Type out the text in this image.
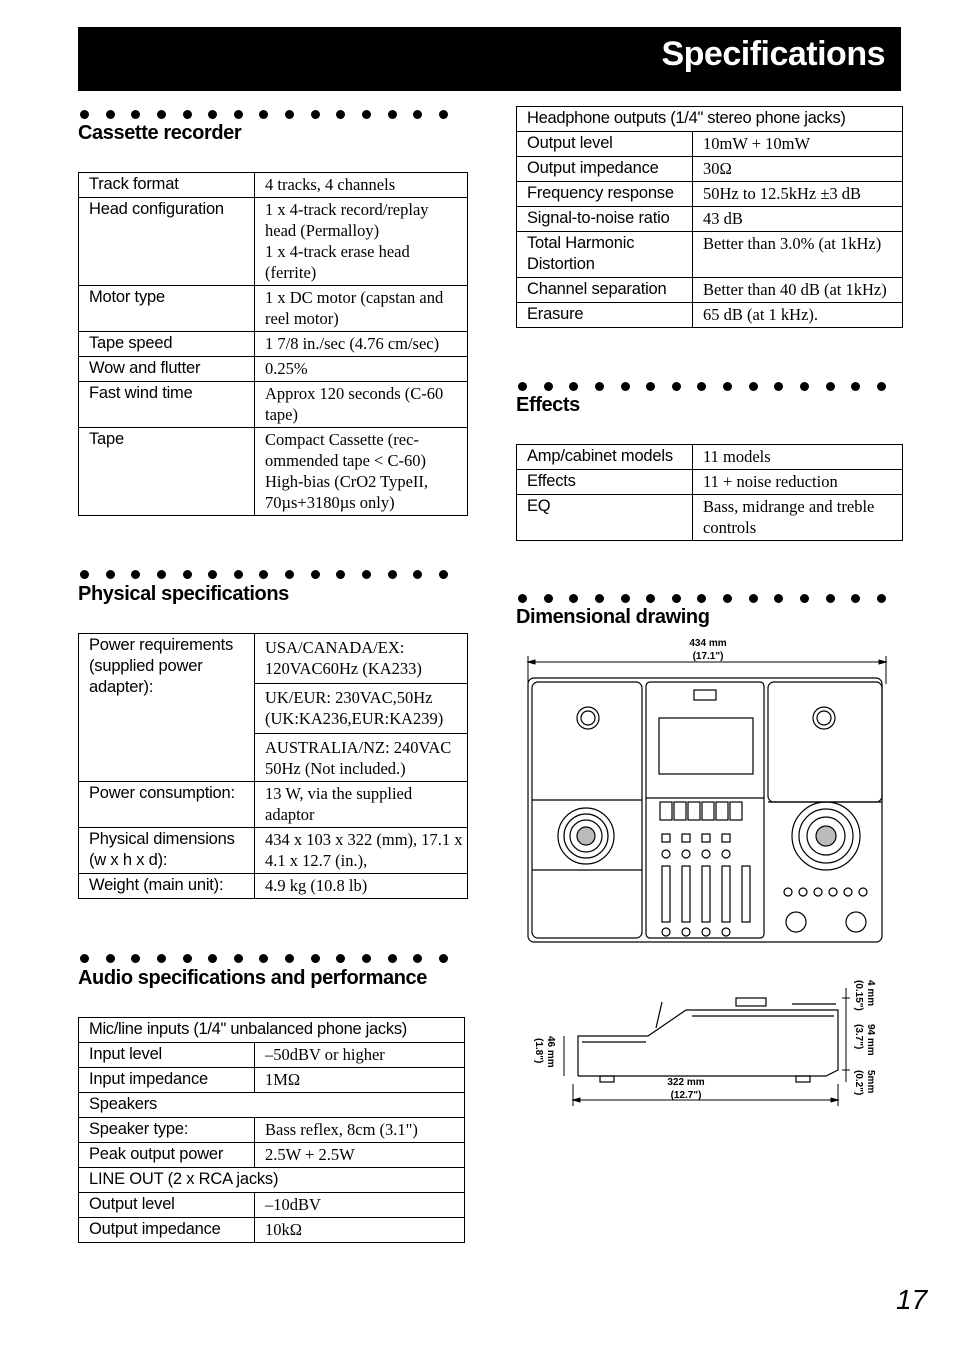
Specifications
Cassette recorder
Track format	4 tracks, 4 channels
Head configuration	1 x 4-track record/replay head (Permalloy)
1 x 4-track erase head (ferrite)
Motor type	1 x DC motor (capstan and reel motor)
Tape speed	1 7/8 in./sec (4.76 cm/​sec)
Wow and flutter	0.25%
Fast wind time	Approx 120 seconds (C-60 tape)
Tape	Compact Cassette (rec-ommended tape < C-60)
High-bias (CrO2 TypeII, 70µs+3180µs only)
Physical specifications
Power requirements (supplied power adapter):	USA/CANADA/EX: 120VAC60Hz (KA233)
	UK/EUR: 230VAC,50Hz (UK:KA236,EUR:KA239)
	AUSTRALIA/NZ: 240VAC 50Hz (Not included.)
Power consumption:	13 W, via the supplied adaptor
Physical dimensions (w x h x d):	434 x 103 x 322 (mm), 17.1 x 4.1 x 12.7 (in.),
Weight (main unit):	4.9 kg (10.8 lb)
Audio specifications and performance
Mic/line inputs (1/4" unbalanced phone jacks)	
Input level	–50dBV or higher
Input impedance	1MΩ
Speakers	
Speaker type:	Bass reflex, 8cm (3.1")
Peak output power	2.5W + 2.5W
LINE OUT (2 x RCA jacks)	
Output level	–10dBV
Output impedance	10kΩ
Headphone outputs (1/4" stereo phone jacks)	
Output level	10mW + 10mW
Output impedance	30Ω
Frequency response	50Hz to 12.5kHz ±3 dB
Signal-to-noise ratio	43 dB
Total Harmonic Distortion	Better than 3.0% (at 1kHz)
Channel separation	Better than 40 dB (at 1kHz)
Erasure	65 dB (at 1 kHz).
Effects
Amp/cabinet models	11 models
Effects	11 + noise reduction
EQ	Bass, midrange and treble controls
Dimensional drawing
434 mm
(17.1")
322 mm
(12.7")
46 mm
(1.8")
4 mm
(0.15")
94 mm
(3.7")
5mm
(0.2")
17
